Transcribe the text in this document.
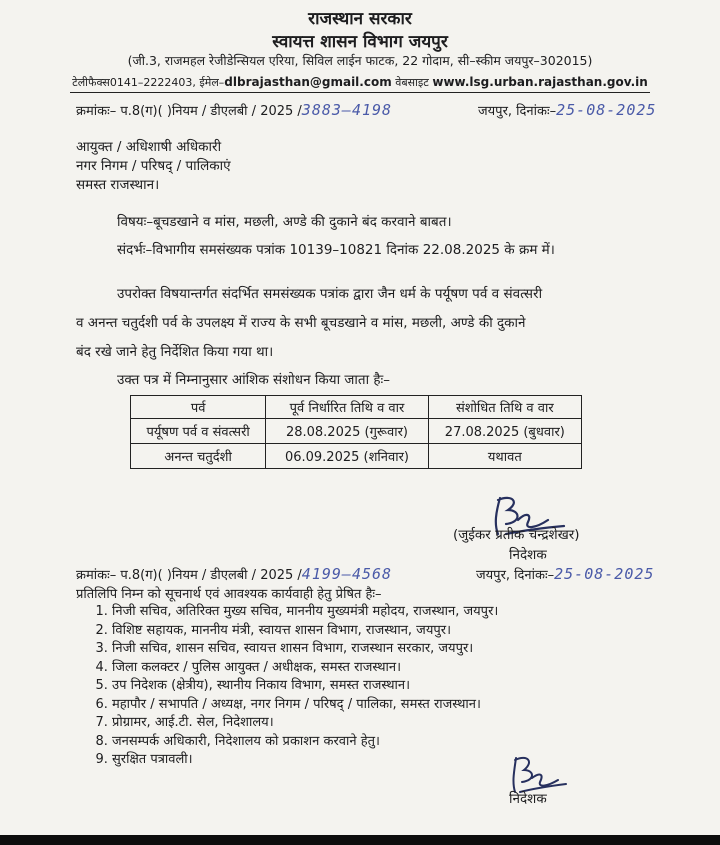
राजस्थान सरकार
स्वायत्त शासन विभाग जयपुर
(जी.3, राजमहल रेजीडेन्सियल एरिया, सिविल लाईन फाटक, 22 गोदाम, सी–स्कीम जयपुर–302015)
टेलीफैक्स0141–2222403, ईमेल–dlbrajasthan@gmail.com वेबसाइट www.lsg.urban.rajasthan.gov.in
क्रमांकः– प.8(ग)( )नियम / डीएलबी / 2025 /3883–4198	जयपुर, दिनांकः–25-08-2025
आयुक्त / अधिशाषी अधिकारी
नगर निगम / परिषद् / पालिकाएं
समस्त राजस्थान।
विषयः–बूचडखाने व मांस, मछली, अण्डे की दुकाने बंद करवाने बाबत।
संदर्भः–विभागीय समसंख्यक पत्रांक 10139–10821 दिनांक 22.08.2025 के क्रम में।
उपरोक्त विषयान्तर्गत संदर्भित समसंख्यक पत्रांक द्वारा जैन धर्म के पर्यूषण पर्व व संवत्सरी
व अनन्त चतुर्दशी पर्व के उपलक्ष्य में राज्य के सभी बूचडखाने व मांस, मछली, अण्डे की दुकाने
बंद रखे जाने हेतु निर्देशित किया गया था।
उक्त पत्र में निम्नानुसार आंशिक संशोधन किया जाता हैः–
पर्व	पूर्व निर्धारित तिथि व वार	संशोधित तिथि व वार
पर्यूषण पर्व व संवत्सरी	28.08.2025 (गुरूवार)	27.08.2025 (बुधवार)
अनन्त चतुर्दशी	06.09.2025 (शनिवार)	यथावत
(जुईकर प्रतीक चन्द्रशेखर)
निदेशक
क्रमांकः– प.8(ग)( )नियम / डीएलबी / 2025 /4199–4568	जयपुर, दिनांकः–25-08-2025
प्रतिलिपि निम्न को सूचनार्थ एवं आवश्यक कार्यवाही हेतु प्रेषित हैः–
1. निजी सचिव, अतिरिक्त मुख्य सचिव, माननीय मुख्यमंत्री महोदय, राजस्थान, जयपुर।
2. विशिष्ट सहायक, माननीय मंत्री, स्वायत्त शासन विभाग, राजस्थान, जयपुर।
3. निजी सचिव, शासन सचिव, स्वायत्त शासन विभाग, राजस्थान सरकार, जयपुर।
4. जिला कलक्टर / पुलिस आयुक्त / अधीक्षक, समस्त राजस्थान।
5. उप निदेशक (क्षेत्रीय), स्थानीय निकाय विभाग, समस्त राजस्थान।
6. महापौर / सभापति / अध्यक्ष, नगर निगम / परिषद् / पालिका, समस्त राजस्थान।
7. प्रोग्रामर, आई.टी. सेल, निदेशालय।
8. जनसम्पर्क अधिकारी, निदेशालय को प्रकाशन करवाने हेतु।
9. सुरक्षित पत्रावली।
निदेशक
